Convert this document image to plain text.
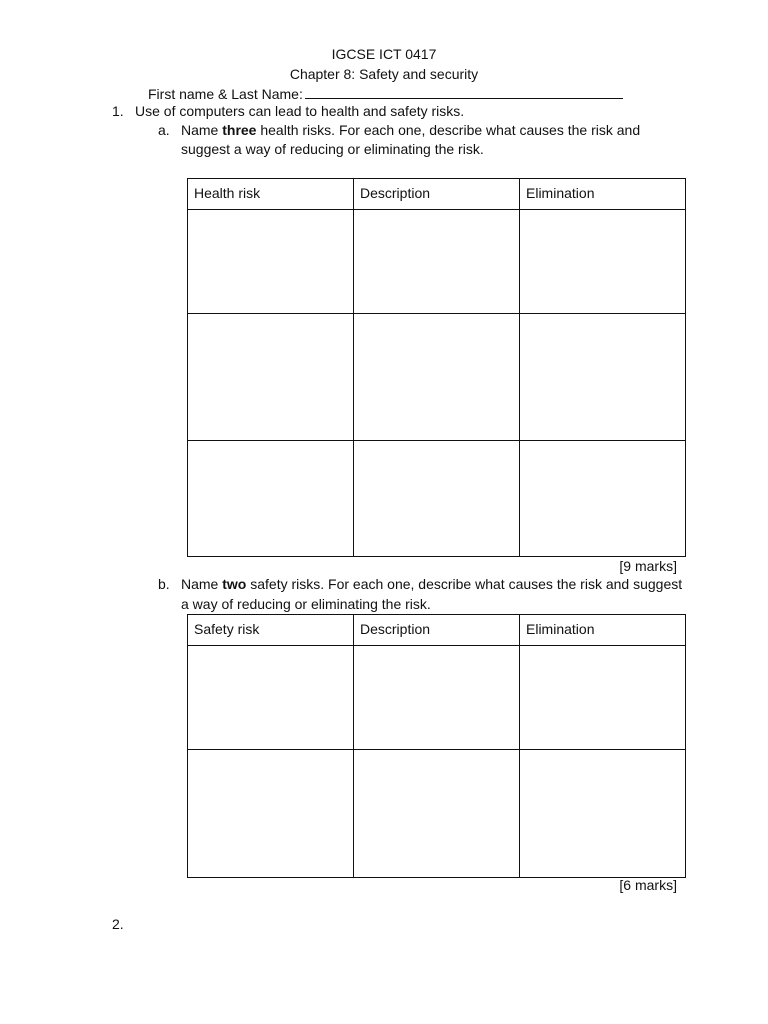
IGCSE ICT 0417
Chapter 8: Safety and security
First name & Last Name:
1. Use of computers can lead to health and safety risks.
a. Name three health risks. For each one, describe what causes the risk and
suggest a way of reducing or eliminating the risk.
Health risk	Description	Elimination

[9 marks]
b. Name two safety risks. For each one, describe what causes the risk and suggest
a way of reducing or eliminating the risk.
Safety risk	Description	Elimination

[6 marks]
2.
